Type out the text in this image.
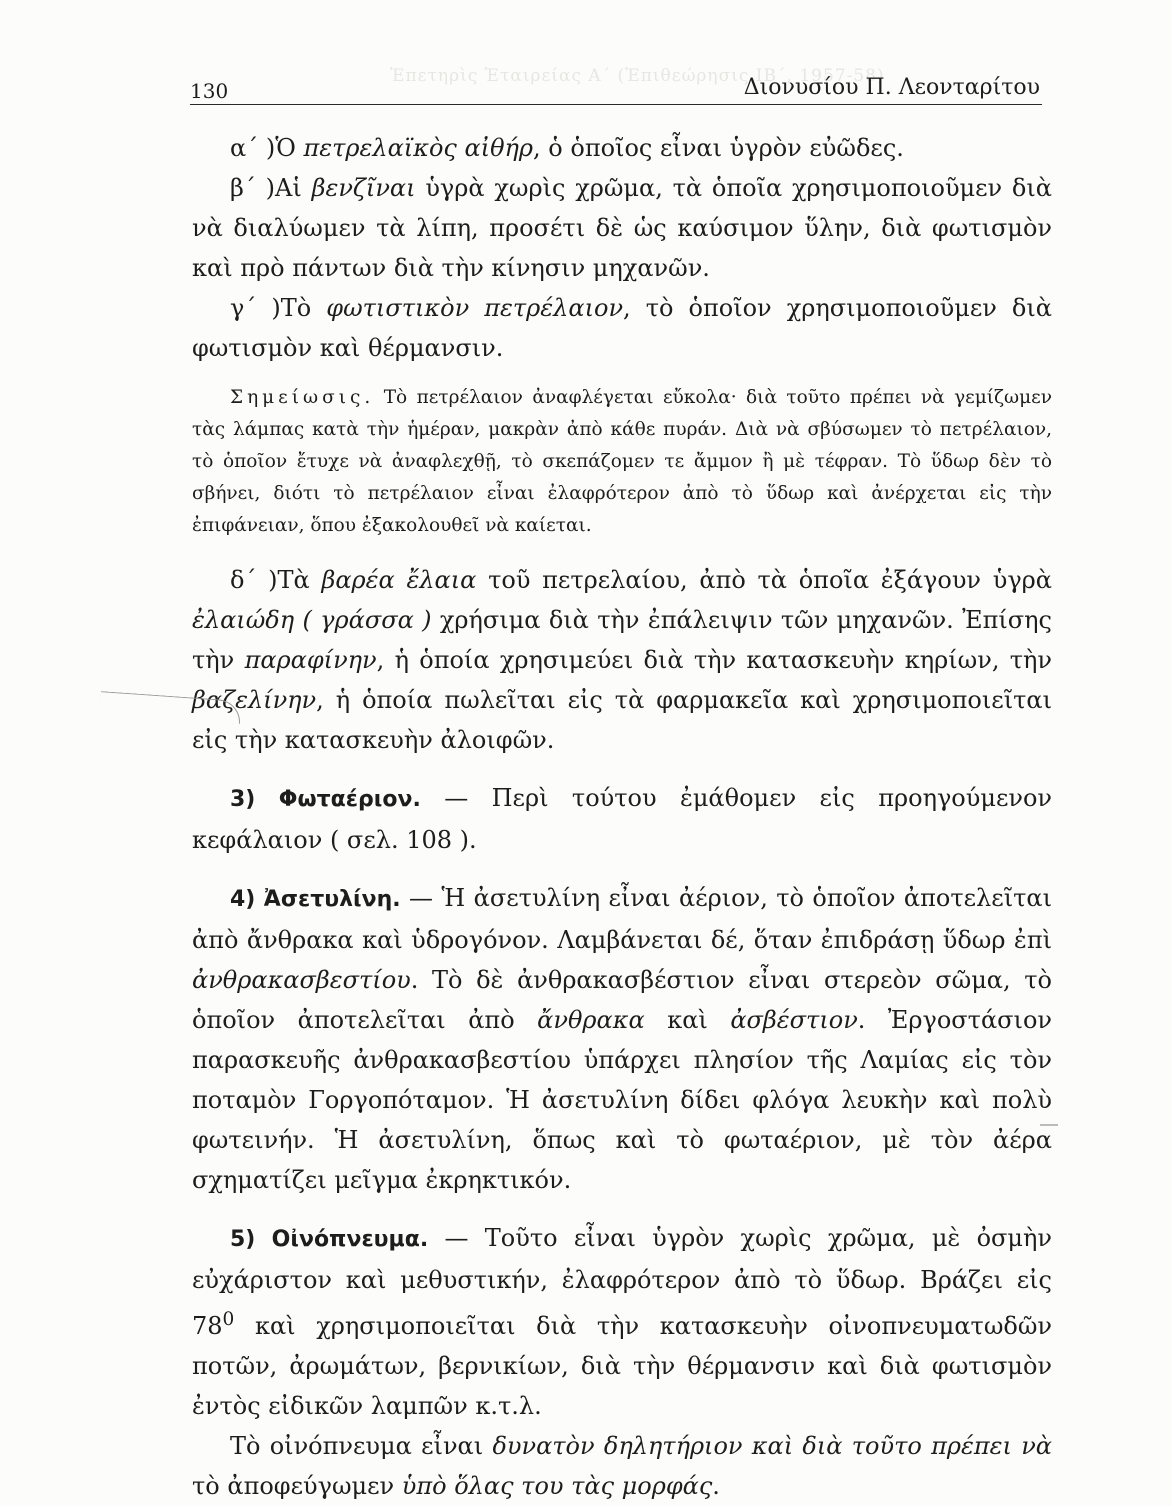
Ἐπετηρὶς Ἑταιρείας Α΄ (Ἐπιθεώρησις ΙΒ΄, 1957-58)
130	Διονυσίου Π. Λεονταρίτου

α΄ )Ὁ πετρελαϊκὸς αἰθήρ, ὁ ὁποῖος εἶναι ὑγρὸν εὐῶδες.

β΄ )Αἱ βενζῖναι ὑγρὰ χωρὶς χρῶμα, τὰ ὁποῖα χρησιμοποιοῦμεν διὰ νὰ διαλύωμεν τὰ λίπη, προσέτι δὲ ὡς καύσιμον ὕλην, διὰ φωτισμὸν καὶ πρὸ πάντων διὰ τὴν κίνησιν μηχανῶν.

γ΄ )Τὸ φωτιστικὸν πετρέλαιον, τὸ ὁποῖον χρησιμοποιοῦμεν διὰ φωτισμὸν καὶ θέρμανσιν.

Σημείωσις. Τὸ πετρέλαιον ἀναφλέγεται εὔκολα· διὰ τοῦτο πρέπει νὰ γεμίζωμεν τὰς λάμπας κατὰ τὴν ἡμέραν, μακρὰν ἀπὸ κάθε πυράν. Διὰ νὰ σβύσωμεν τὸ πετρέλαιον, τὸ ὁποῖον ἔτυχε νὰ ἀναφλεχθῇ, τὸ σκεπάζομεν τε ἄμμον ἢ μὲ τέφραν. Τὸ ὕδωρ δὲν τὸ σβήνει, διότι τὸ πετρέλαιον εἶναι ἐλαφρότερον ἀπὸ τὸ ὕδωρ καὶ ἀνέρχεται εἰς τὴν ἐπιφάνειαν, ὅπου ἐξακολουθεῖ νὰ καίεται.

δ΄ )Τὰ βαρέα ἔλαια τοῦ πετρελαίου, ἀπὸ τὰ ὁποῖα ἐξάγουν ὑγρὰ ἐλαιώδη ( γράσσα ) χρήσιμα διὰ τὴν ἐπάλειψιν τῶν μηχανῶν. Ἐπίσης τὴν παραφίνην, ἡ ὁποία χρησιμεύει διὰ τὴν κατασκευὴν κηρίων, τὴν βαζελίνην, ἡ ὁποία πωλεῖται εἰς τὰ φαρμακεῖα καὶ χρησιμοποιεῖται εἰς τὴν κατασκευὴν ἀλοιφῶν.

3) Φωταέριον. — Περὶ τούτου ἐμάθομεν εἰς προηγούμενον κεφάλαιον ( σελ. 108 ).

4) Ἀσετυλίνη. — Ἡ ἀσετυλίνη εἶναι ἀέριον, τὸ ὁποῖον ἀποτελεῖται ἀπὸ ἄνθρακα καὶ ὑδρογόνον. Λαμβάνεται δέ, ὅταν ἐπιδράσῃ ὕδωρ ἐπὶ ἀνθρακασβεστίου. Τὸ δὲ ἀνθρακασβέστιον εἶναι στερεὸν σῶμα, τὸ ὁποῖον ἀποτελεῖται ἀπὸ ἄνθρακα καὶ ἀσβέστιον. Ἐργοστάσιον παρασκευῆς ἀνθρακασβεστίου ὑπάρχει πλησίον τῆς Λαμίας εἰς τὸν ποταμὸν Γοργοπόταμον. Ἡ ἀσετυλίνη δίδει φλόγα λευκὴν καὶ πολὺ φωτεινήν. Ἡ ἀσετυλίνη, ὅπως καὶ τὸ φωταέριον, μὲ τὸν ἀέρα σχηματίζει μεῖγμα ἐκρηκτικόν.

5) Οἰνόπνευμα. — Τοῦτο εἶναι ὑγρὸν χωρὶς χρῶμα, μὲ ὀσμὴν εὐχάριστον καὶ μεθυστικήν, ἐλαφρότερον ἀπὸ τὸ ὕδωρ. Βράζει εἰς $78^0$ καὶ χρησιμοποιεῖται διὰ τὴν κατασκευὴν οἰνοπνευματωδῶν ποτῶν, ἀρωμάτων, βερνικίων, διὰ τὴν θέρμανσιν καὶ διὰ φωτισμὸν ἐντὸς εἰδικῶν λαμπῶν κ.τ.λ.

Τὸ οἰνόπνευμα εἶναι δυνατὸν δηλητήριον καὶ διὰ τοῦτο πρέπει νὰ τὸ ἀποφεύγωμεν ὑπὸ ὅλας του τὰς μορφάς.
